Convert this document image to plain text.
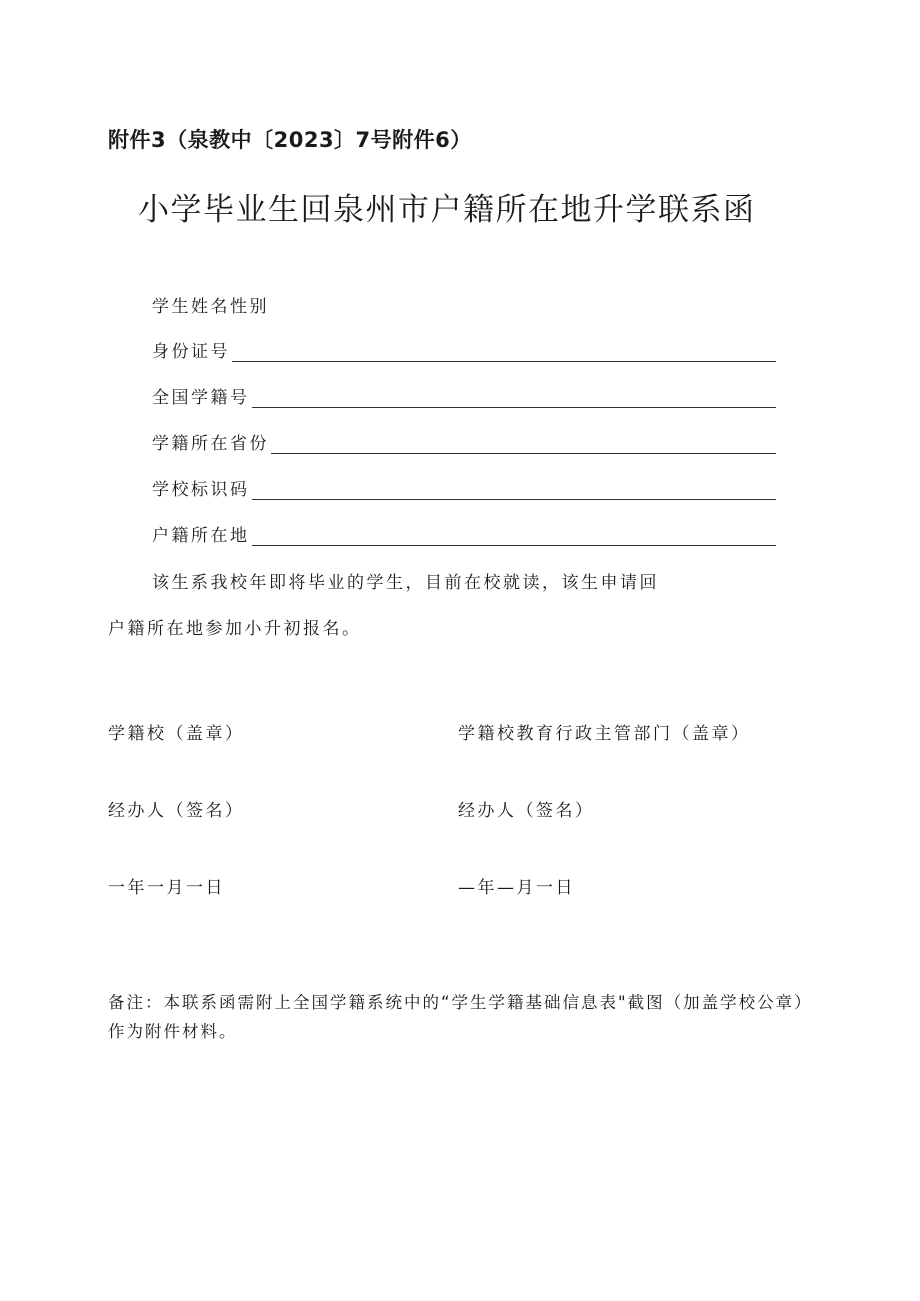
附件3（泉教中〔2023〕7号附件6）
小学毕业生回泉州市户籍所在地升学联系函
学生姓名性别
身份证号
全国学籍号
学籍所在省份
学校标识码
户籍所在地
该生系我校年即将毕业的学生，目前在校就读，该生申请回
户籍所在地参加小升初报名。
学籍校（盖章）	学籍校教育行政主管部门（盖章）
经办人（签名）	经办人（签名）
一年一月一日	—年—月一日
备注：本联系函需附上全国学籍系统中的“学生学籍基础信息表"截图（加盖学校公章）作为附件材料。
